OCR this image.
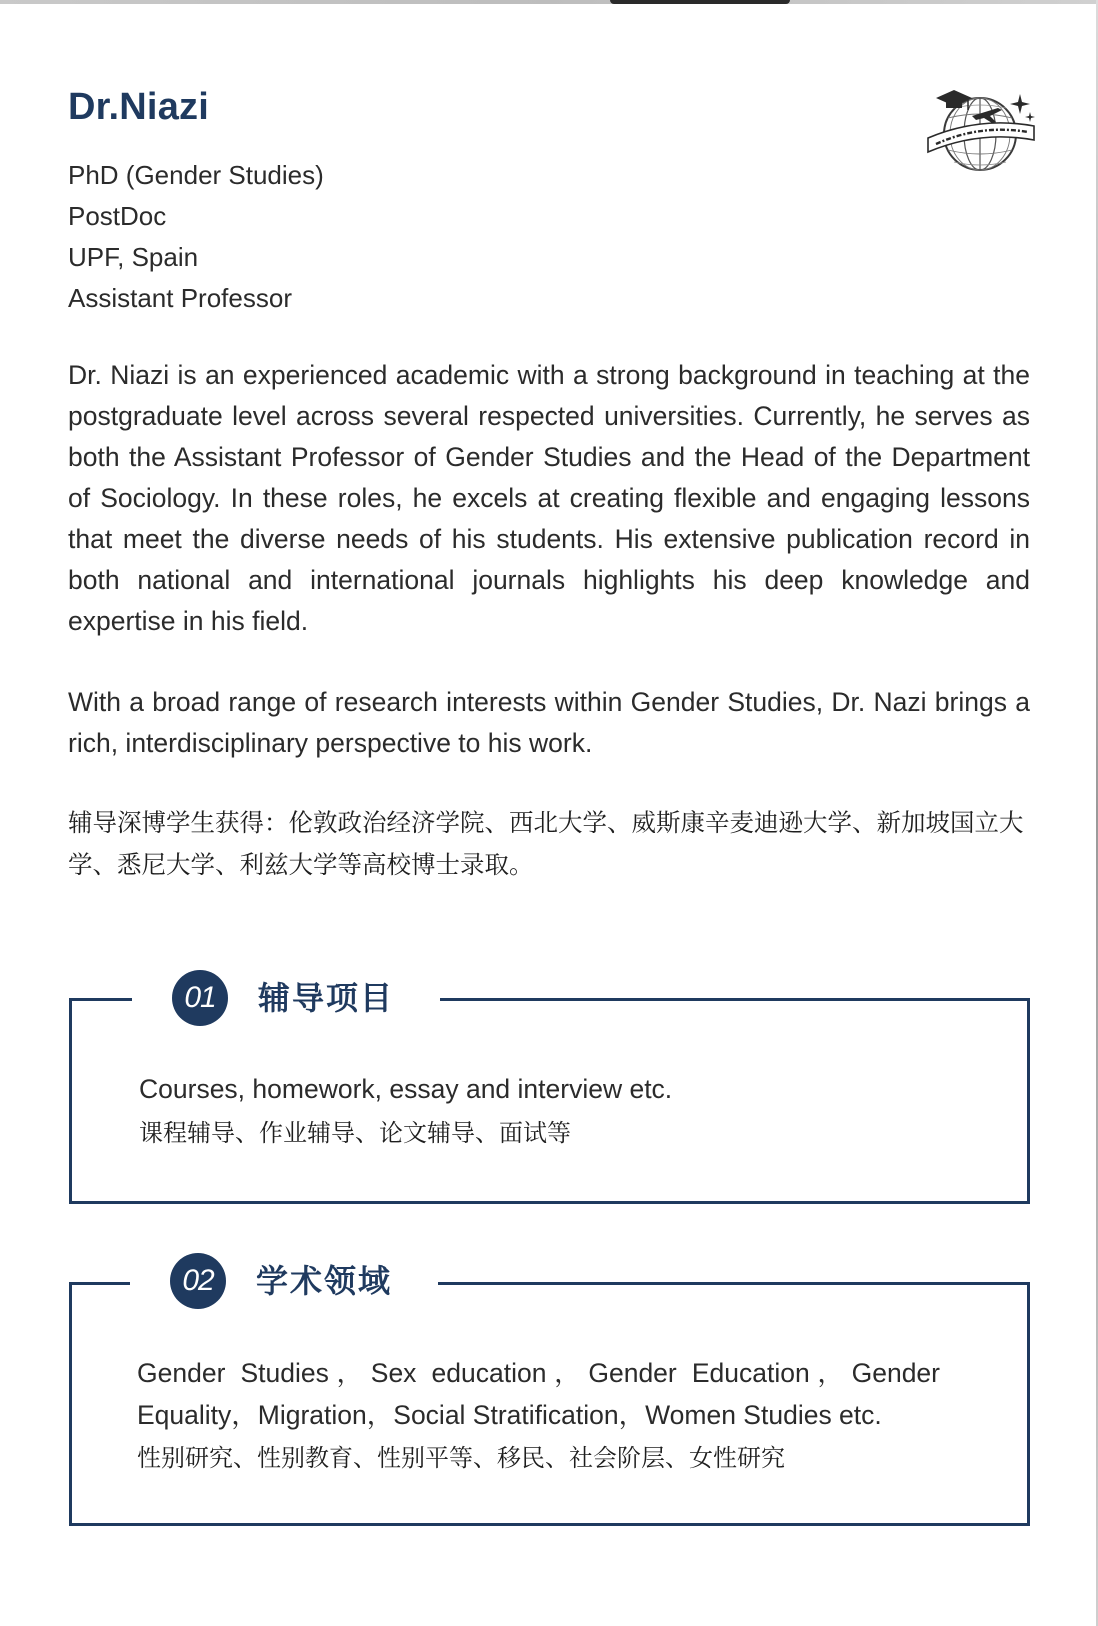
Dr.Niazi
PhD (Gender Studies)
PostDoc
UPF, Spain
Assistant Professor

Dr. Niazi is an experienced academic with a strong background in teaching at the postgraduate level across several respected universities. Currently, he serves as both the Assistant Professor of Gender Studies and the Head of the Department of Sociology. In these roles, he excels at creating flexible and engaging lessons that meet the diverse needs of his students. His extensive publication record in both national and international journals highlights his deep knowledge and expertise in his field.

With a broad range of research interests within Gender Studies, Dr. Nazi brings a rich, interdisciplinary perspective to his work.

辅导深博学生获得：伦敦政治经济学院、西北大学、威斯康辛麦迪逊大学、新加坡国立大学、悉尼大学、利兹大学等高校博士录取。

01	辅导项目

Courses, homework, essay and interview etc.

课程辅导、作业辅导、论文辅导、面试等

02	学术领域

Gender Studies，Sex education，Gender Education，Gender Equality，Migration，Social Stratification，Women Studies etc.

性别研究、性别教育、性别平等、移民、社会阶层、女性研究
